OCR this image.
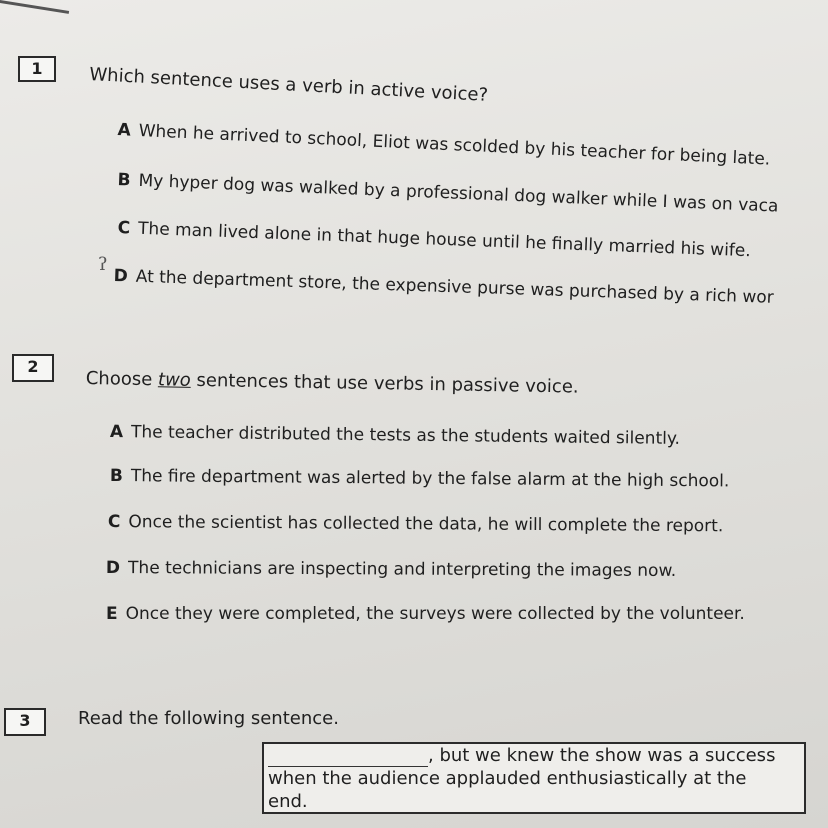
1	Which sentence uses a verb in active voice?
A When he arrived to school, Eliot was scolded by his teacher for being late.
B My hyper dog was walked by a professional dog walker while I was on vaca
C The man lived alone in that huge house until he finally married his wife.
ʔ
D At the department store, the expensive purse was purchased by a rich wor
2
Choose two sentences that use verbs in passive voice.
A The teacher distributed the tests as the students waited silently.
B The fire department was alerted by the false alarm at the high school.
C Once the scientist has collected the data, he will complete the report.
D The technicians are inspecting and interpreting the images now.
E Once they were completed, the surveys were collected by the volunteer.
3	Read the following sentence.
, but we knew the show was a success
when the audience applauded enthusiastically at the
end.
